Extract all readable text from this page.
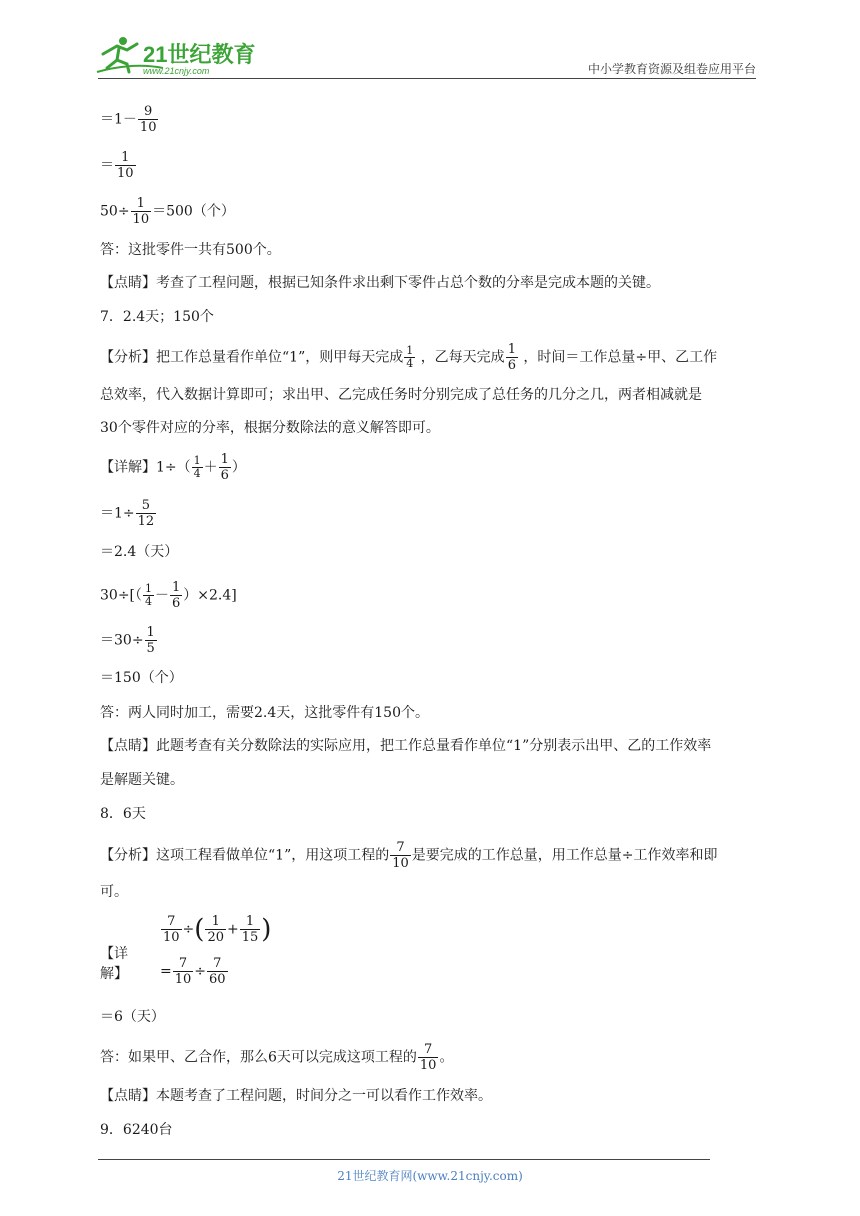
21世纪教育
www.21cnjy.com	中小学教育资源及组卷应用平台
$=1- \frac{9}{10}$
＝ $\frac{1}{10}$
$50\div \frac{1}{10} =500$（个）
答：这批零件一共有500个。
【点睛】考查了工程问题，根据已知条件求出剩下零件占总个数的分率是完成本题的关键。
7．2.4天；150个
【分析】把工作总量看作单位“1”，则甲每天完成 $\frac{1}{4}$ ，乙每天完成 $\frac{1}{6}$ ，时间＝工作总量÷甲、乙工作
总效率，代入数据计算即可；求出甲、乙完成任务时分别完成了总任务的几分之几，两者相减就是
30个零件对应的分率，根据分数除法的意义解答即可。
【详解】$1\div( \frac{1}{4} + \frac{1}{6}$ ）
$=1\div \frac{5}{12}$
＝2.4（天）
$30\div[( \frac{1}{4} - \frac{1}{6} )\times 2.4]$
$=30\div \frac{1}{5}$
＝150（个）
答：两人同时加工，需要2.4天，这批零件有150个。
【点睛】此题考查有关分数除法的实际应用，把工作总量看作单位“1”分别表示出甲、乙的工作效率
是解题关键。
8．6天
【分析】这项工程看做单位“1”，用这项工程的 $\frac{7}{10}$ 是要完成的工作总量，用工作总量÷工作效率和即
可。
【详解】
$\frac{7}{10}$ ÷( $\frac{1}{20} + \frac{1}{15}$ )
= $\frac{7}{10} \div \frac{7}{60}$
＝6（天）
答：如果甲、乙合作，那么6天可以完成这项工程的 $\frac{7}{10}$ 。
【点睛】本题考查了工程问题，时间分之一可以看作工作效率。
9．6240台
21世纪教育网(www.21cnjy.com)
